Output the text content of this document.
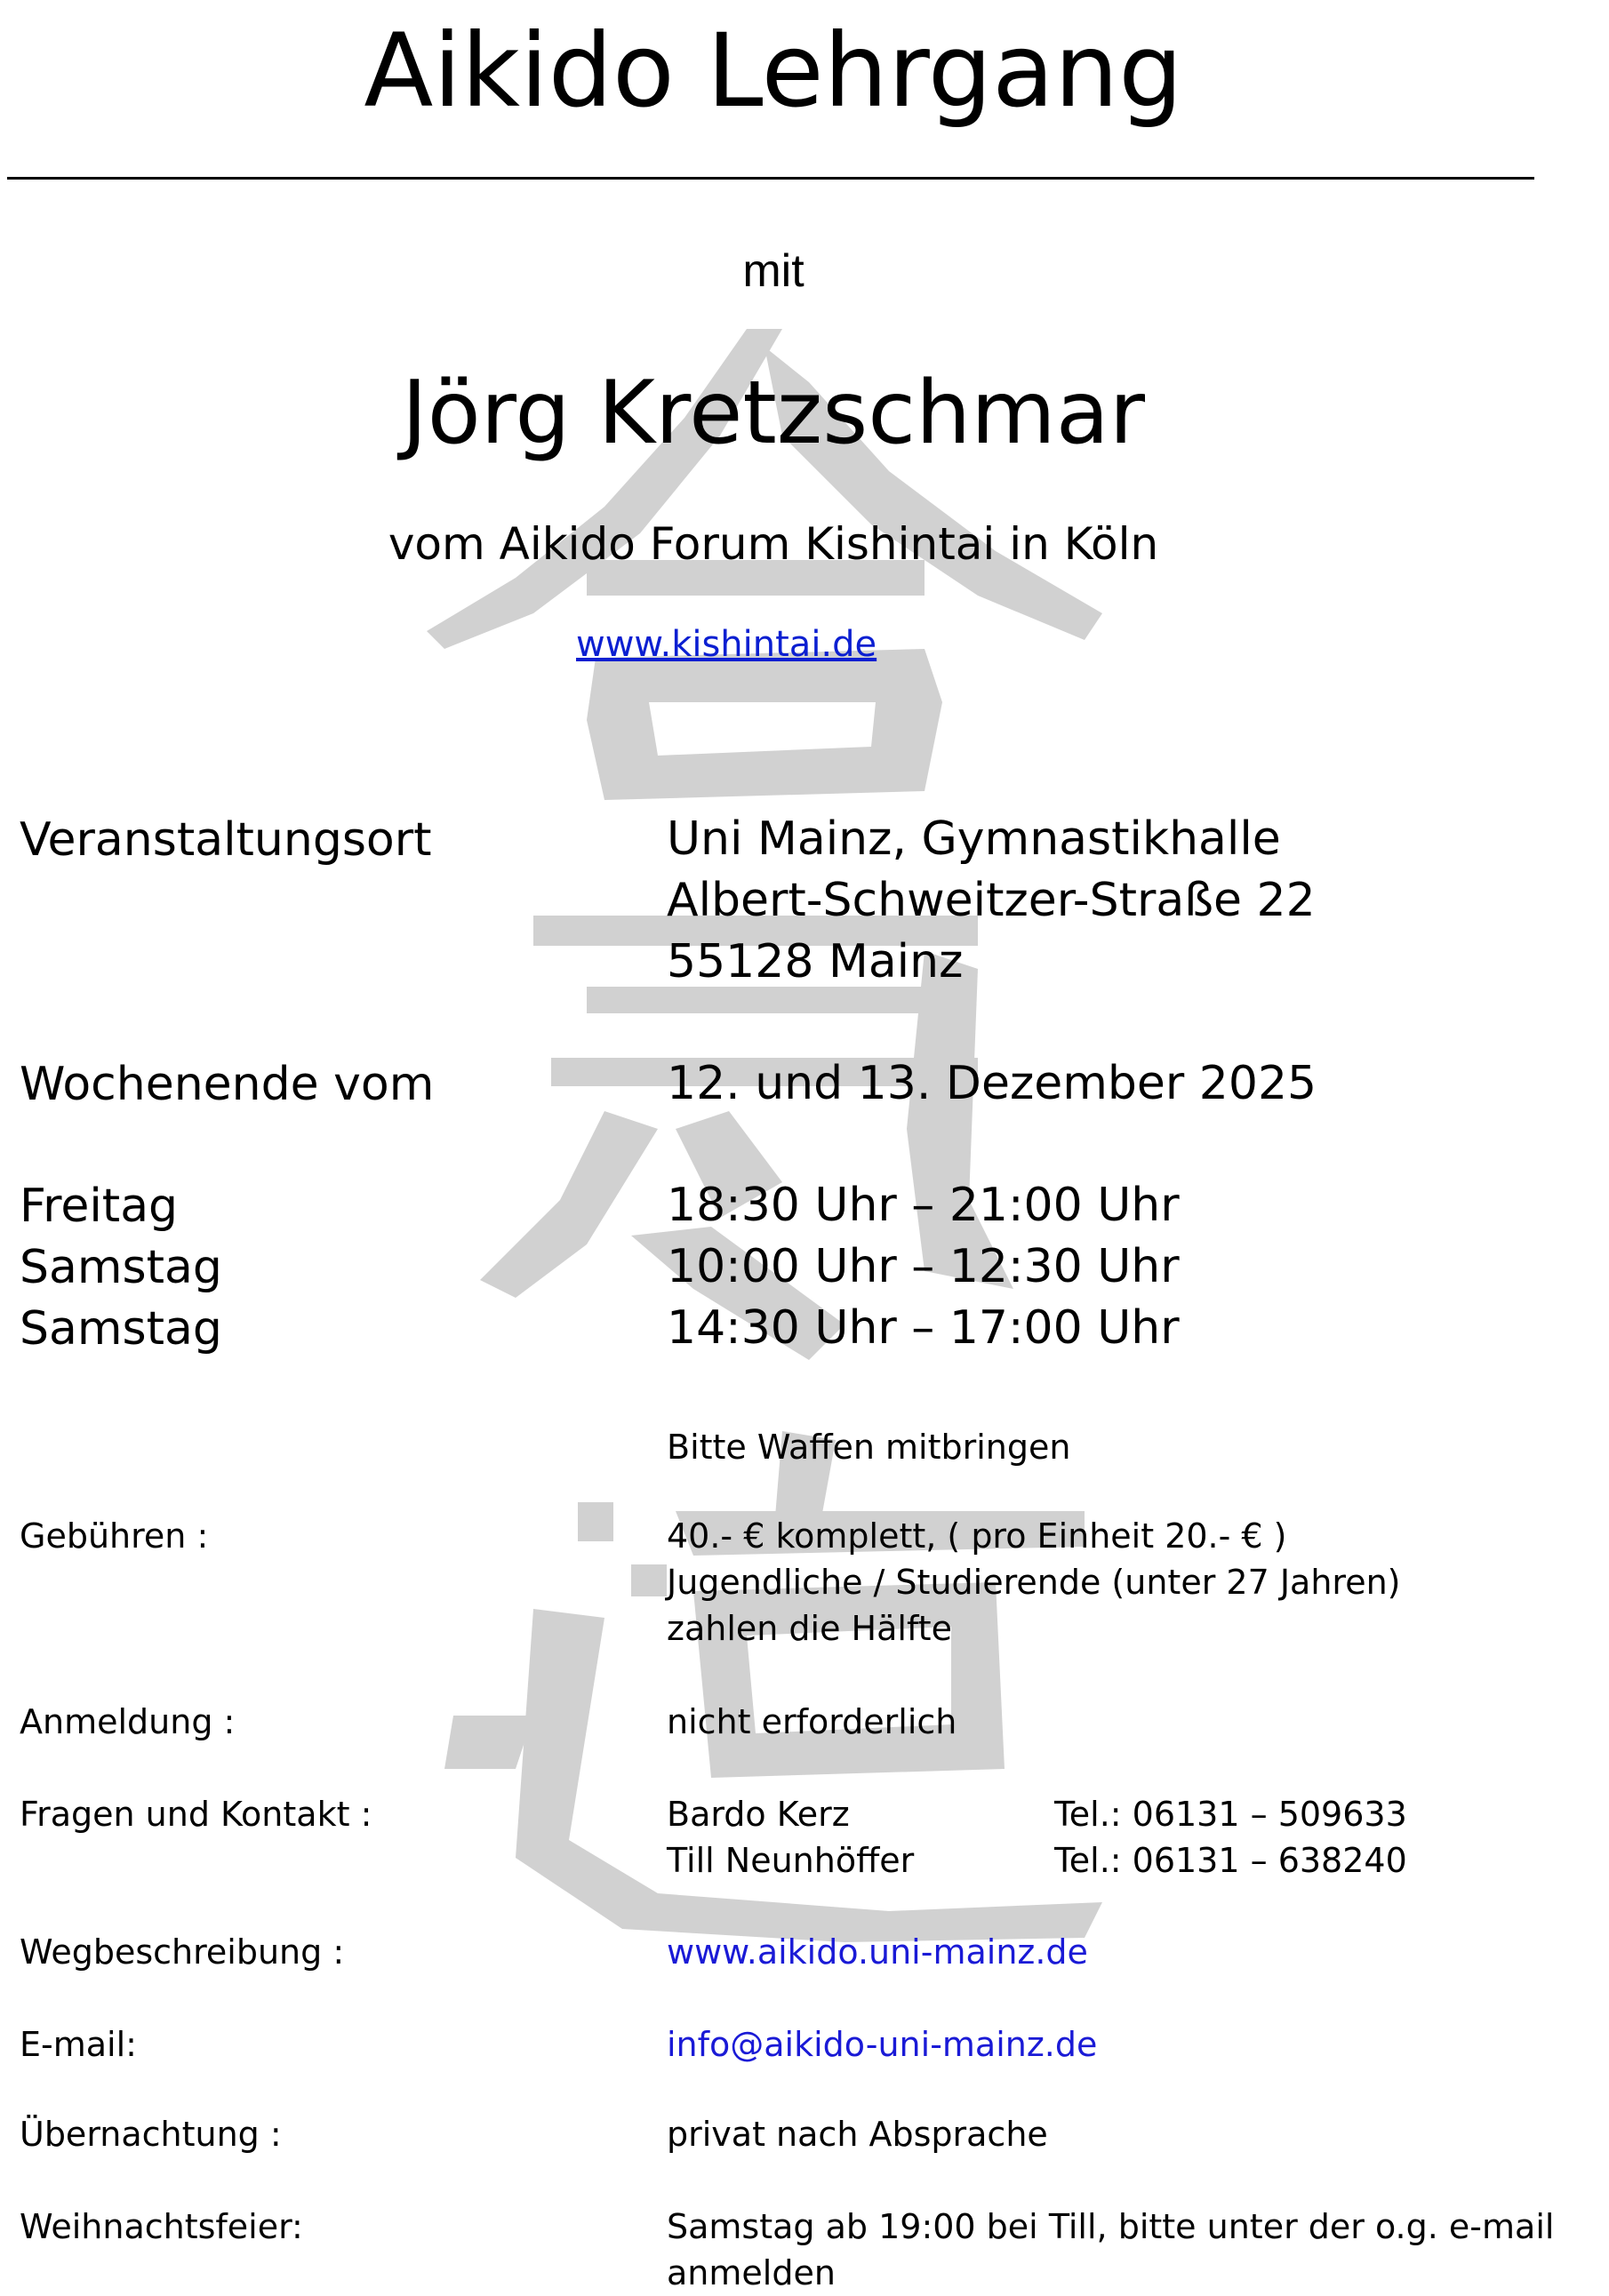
Aikido Lehrgang
mit
Jörg Kretzschmar
vom Aikido Forum Kishintai in Köln
www.kishintai.de
Veranstaltungsort	Uni Mainz, Gymnastikhalle
Albert-Schweitzer-Straße 22
55128 Mainz
Wochenende vom	12. und 13. Dezember 2025
Freitag	18:30 Uhr – 21:00 Uhr
Samstag	10:00 Uhr – 12:30 Uhr
Samstag	14:30 Uhr – 17:00 Uhr
Bitte Waffen mitbringen
Gebühren :	40.- € komplett, ( pro Einheit 20.- € )
Jugendliche / Studierende (unter 27 Jahren)
zahlen die Hälfte
Anmeldung :	nicht erforderlich
Fragen und Kontakt :	Bardo Kerz	Tel.: 06131 – 509633
Till Neunhöffer	Tel.: 06131 – 638240
Wegbeschreibung :	www.aikido.uni-mainz.de
E-mail:	info@aikido-uni-mainz.de
Übernachtung :	privat nach Absprache
Weihnachtsfeier:	Samstag ab 19:00 bei Till, bitte unter der o.g. e-mail
anmelden
